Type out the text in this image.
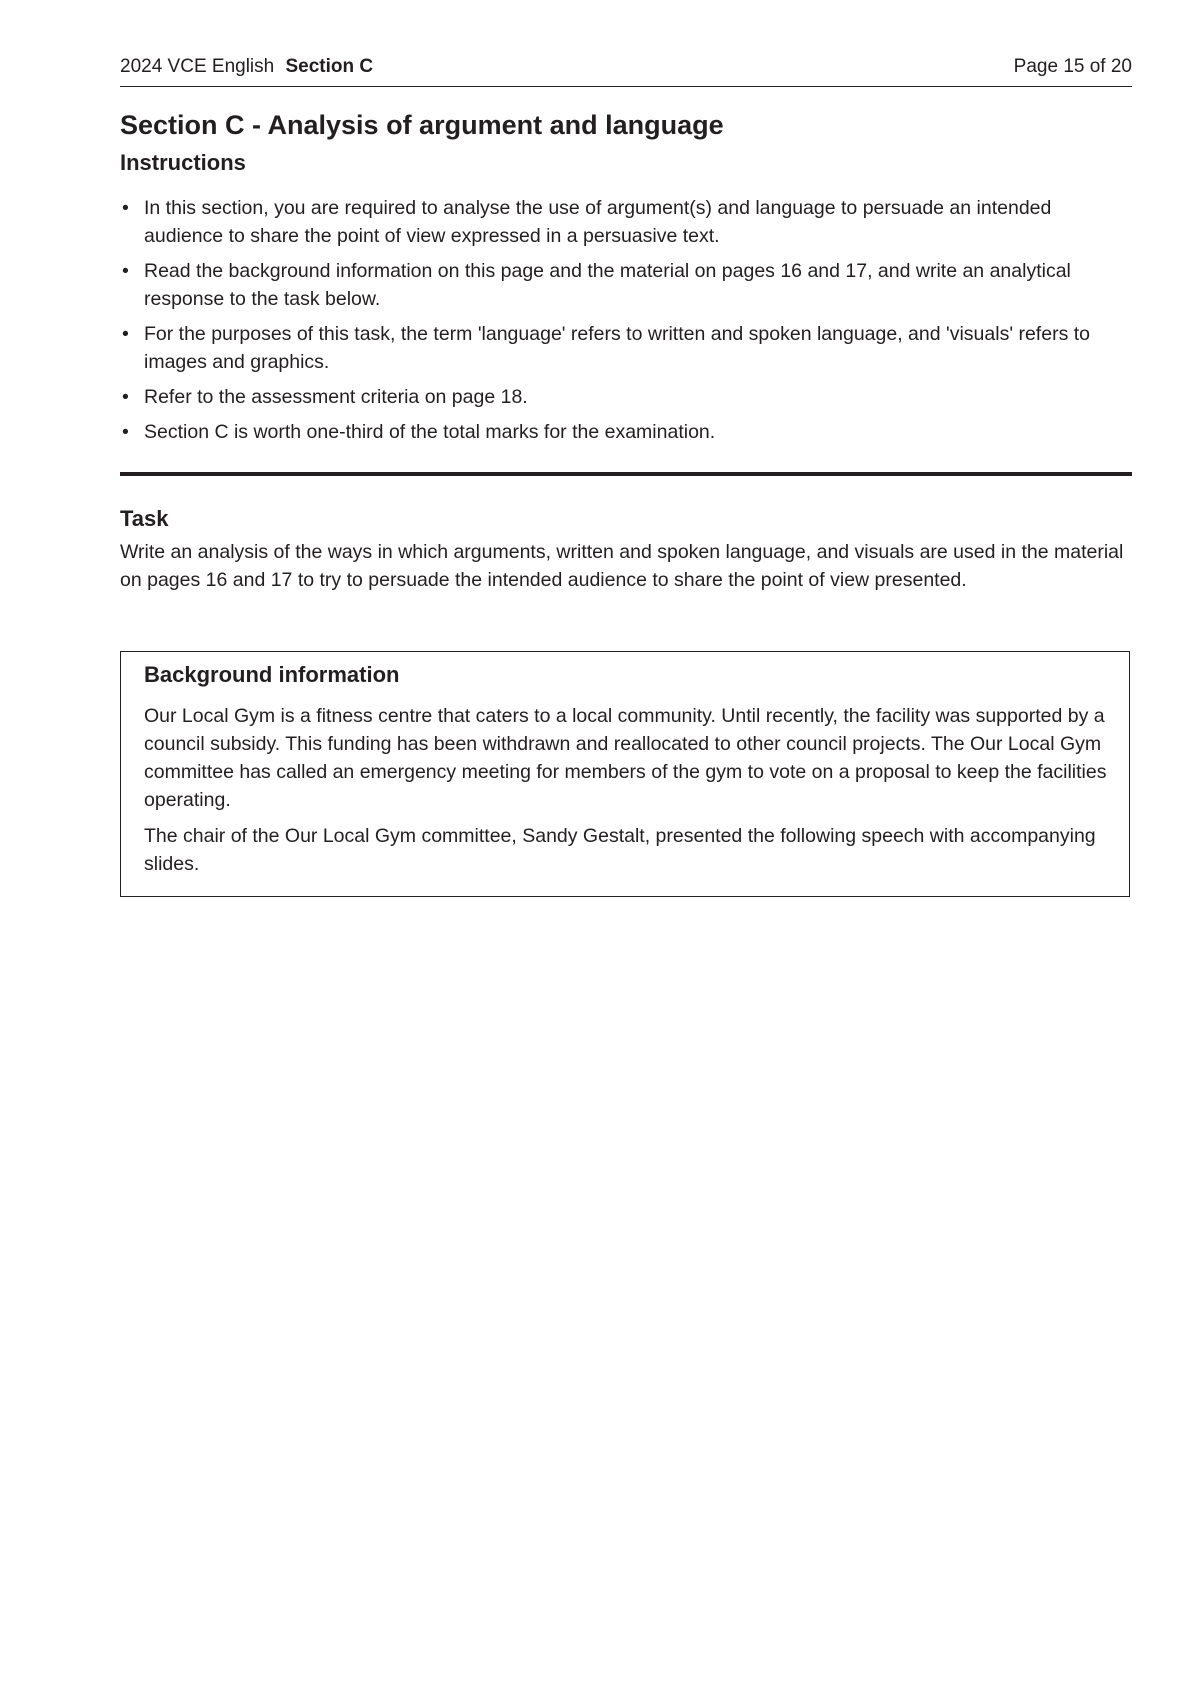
2024 VCE English Section C	Page 15 of 20
Section C - Analysis of argument and language
Instructions
• In this section, you are required to analyse the use of argument(s) and language to persuade an intended audience to share the point of view expressed in a persuasive text.
• Read the background information on this page and the material on pages 16 and 17, and write an analytical response to the task below.
• For the purposes of this task, the term 'language' refers to written and spoken language, and 'visuals' refers to images and graphics.
• Refer to the assessment criteria on page 18.
• Section C is worth one-third of the total marks for the examination.
Task

Write an analysis of the ways in which arguments, written and spoken language, and visuals are used in the material on pages 16 and 17 to try to persuade the intended audience to share the point of view presented.

Background information

Our Local Gym is a fitness centre that caters to a local community. Until recently, the facility was supported by a council subsidy. This funding has been withdrawn and reallocated to other council projects. The Our Local Gym committee has called an emergency meeting for members of the gym to vote on a proposal to keep the facilities operating.

The chair of the Our Local Gym committee, Sandy Gestalt, presented the following speech with accompanying slides.
